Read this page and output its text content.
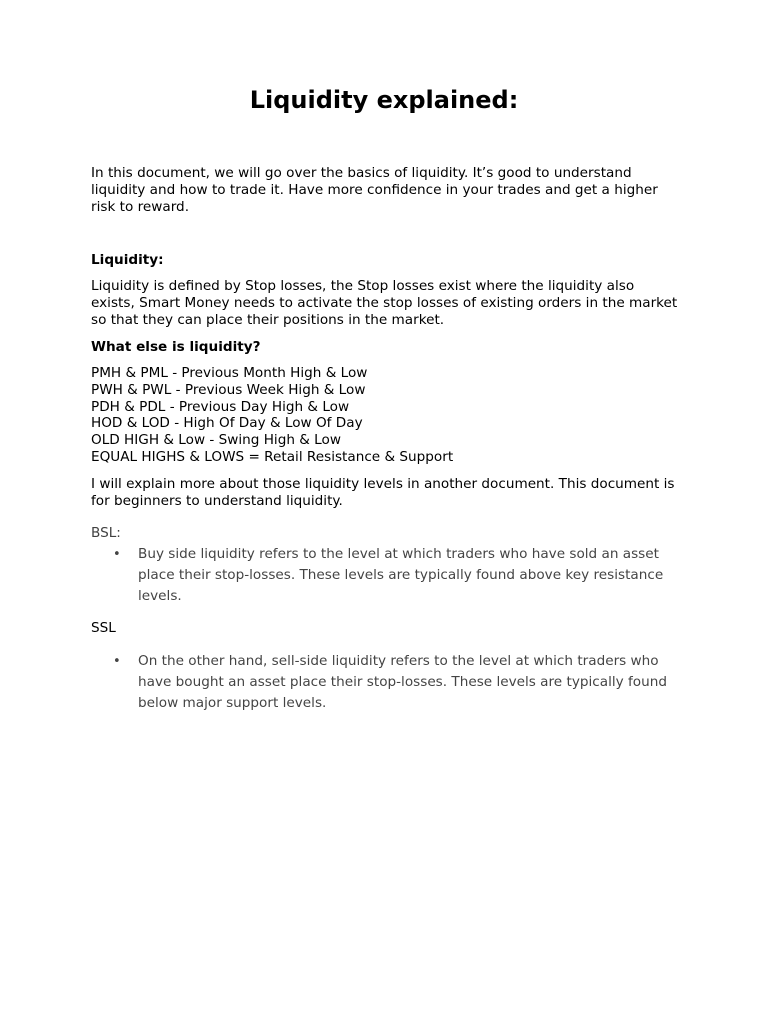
Liquidity explained:

In this document, we will go over the basics of liquidity. It’s good to understand liquidity and how to trade it. Have more confidence in your trades and get a higher risk to reward.

Liquidity:

Liquidity is defined by Stop losses, the Stop losses exist where the liquidity also exists, Smart Money needs to activate the stop losses of existing orders in the market so that they can place their positions in the market.

What else is liquidity?

PMH & PML - Previous Month High & Low
PWH & PWL - Previous Week High & Low
PDH & PDL - Previous Day High & Low
HOD & LOD - High Of Day & Low Of Day
OLD HIGH & Low - Swing High & Low
EQUAL HIGHS & LOWS = Retail Resistance & Support

I will explain more about those liquidity levels in another document. This document is for beginners to understand liquidity.

BSL:

• Buy side liquidity refers to the level at which traders who have sold an asset place their stop-losses. These levels are typically found above key resistance levels.

SSL

• On the other hand, sell-side liquidity refers to the level at which traders who have bought an asset place their stop-losses. These levels are typically found below major support levels.
